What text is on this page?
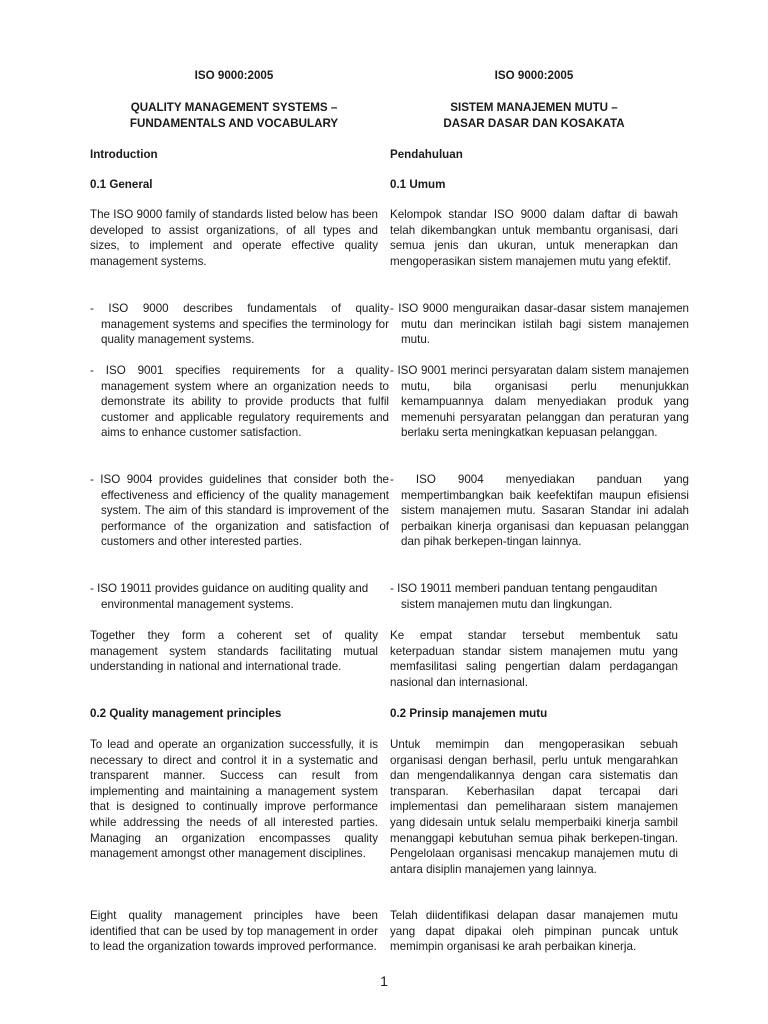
ISO 9000:2005

QUALITY MANAGEMENT SYSTEMS –

FUNDAMENTALS AND VOCABULARY

Introduction

0.1 General

The ISO 9000 family of standards listed below has been developed to assist organizations, of all types and sizes, to implement and operate effective quality management systems.

- ISO 9000 describes fundamentals of quality management systems and specifies the terminology for quality management systems.

- ISO 9001 specifies requirements for a quality management system where an organization needs to demonstrate its ability to provide products that fulfil customer and applicable regulatory requirements and aims to enhance customer satisfaction.

- ISO 9004 provides guidelines that consider both the effectiveness and efficiency of the quality management system. The aim of this standard is improvement of the performance of the organization and satisfaction of customers and other interested parties.

- ISO 19011 provides guidance on auditing quality and environmental management systems.

Together they form a coherent set of quality management system standards facilitating mutual understanding in national and international trade.

0.2 Quality management principles

To lead and operate an organization successfully, it is necessary to direct and control it in a systematic and transparent manner. Success can result from implementing and maintaining a management system that is designed to continually improve performance while addressing the needs of all interested parties. Managing an organization encompasses quality management amongst other management disciplines.

Eight quality management principles have been identified that can be used by top management in order to lead the organization towards improved performance.

ISO 9000:2005

SISTEM MANAJEMEN MUTU –

DASAR DASAR DAN KOSAKATA

Pendahuluan

0.1 Umum

Kelompok standar ISO 9000 dalam daftar di bawah telah dikembangkan untuk membantu organisasi, dari semua jenis dan ukuran, untuk menerapkan dan mengoperasikan sistem manajemen mutu yang efektif.

- ISO 9000 menguraikan dasar-dasar sistem manajemen mutu dan merincikan istilah bagi sistem manajemen mutu.

- ISO 9001 merinci persyaratan dalam sistem manajemen mutu, bila organisasi perlu menunjukkan kemampuannya dalam menyediakan produk yang memenuhi persyaratan pelanggan dan peraturan yang berlaku serta meningkatkan kepuasan pelanggan.

- ISO 9004 menyediakan panduan yang mempertimbangkan baik keefektifan maupun efisiensi sistem manajemen mutu. Sasaran Standar ini adalah perbaikan kinerja organisasi dan kepuasan pelanggan dan pihak berkepen-tingan lainnya.

- ISO 19011 memberi panduan tentang pengauditan sistem manajemen mutu dan lingkungan.

Ke empat standar tersebut membentuk satu keterpaduan standar sistem manajemen mutu yang memfasilitasi saling pengertian dalam perdagangan nasional dan internasional.

0.2 Prinsip manajemen mutu

Untuk memimpin dan mengoperasikan sebuah organisasi dengan berhasil, perlu untuk mengarahkan dan mengendalikannya dengan cara sistematis dan transparan. Keberhasilan dapat tercapai dari implementasi dan pemeliharaan sistem manajemen yang didesain untuk selalu memperbaiki kinerja sambil menanggapi kebutuhan semua pihak berkepen-tingan. Pengelolaan organisasi mencakup manajemen mutu di antara disiplin manajemen yang lainnya.

Telah diidentifikasi delapan dasar manajemen mutu yang dapat dipakai oleh pimpinan puncak untuk memimpin organisasi ke arah perbaikan kinerja.

1
